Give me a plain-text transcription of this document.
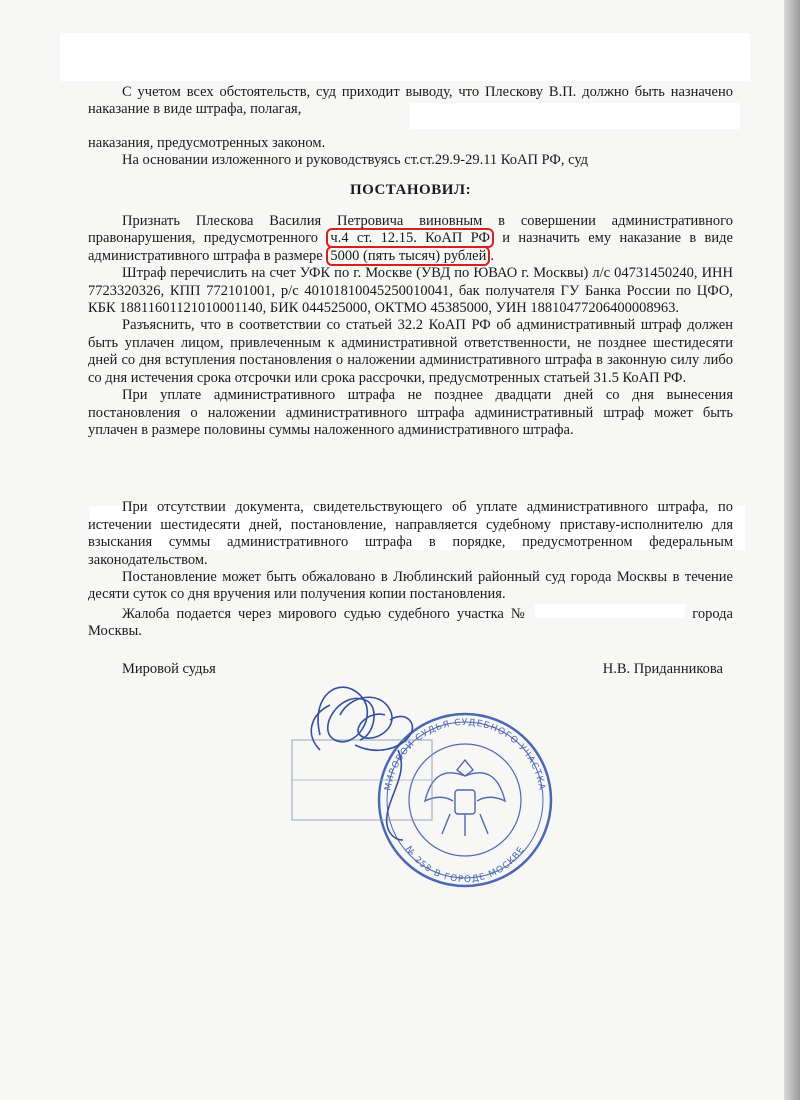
С учетом всех обстоятельств, суд приходит выводу, что Плескову В.П. должно быть назначено наказание в виде штрафа, полагая,

наказания, предусмотренных законом.

На основании изложенного и руководствуясь ст.ст.29.9-29.11 КоАП РФ, суд

ПОСТАНОВИЛ:

Признать Плескова Василия Петровича виновным в совершении административного правонарушения, предусмотренного ч.4 ст. 12.15. КоАП РФ и назначить ему наказание в виде административного штрафа в размере 5000 (пять тысяч) рублей .

Штраф перечислить на счет УФК по г. Москве (УВД по ЮВАО г. Москвы) л/с 04731450240, ИНН 7723320326, КПП 772101001, р/с 40101810045250010041, бак получателя ГУ Банка России по ЦФО, КБК 18811601121010001140, БИК 044525000, ОКТМО 45385000, УИН 18810477206400008963.

Разъяснить, что в соответствии со статьей 32.2 КоАП РФ об административный штраф должен быть уплачен лицом, привлеченным к административной ответственности, не позднее шестидесяти дней со дня вступления постановления о наложении административного штрафа в законную силу либо со дня истечения срока отсрочки или срока рассрочки, предусмотренных статьей 31.5 КоАП РФ.

При уплате административного штрафа не позднее двадцати дней со дня вынесения постановления о наложении административного штрафа административный штраф может быть уплачен в размере половины суммы наложенного административного штрафа.

При отсутствии документа, свидетельствующего об уплате административного штрафа, по истечении шестидесяти дней, постановление, направляется судебному приставу-исполнителю для взыскания суммы административного штрафа в порядке, предусмотренном федеральным законодательством.

Постановление может быть обжаловано в Люблинский районный суд города Москвы в течение десяти суток со дня вручения или получения копии постановления.

Жалоба подается через мирового судью судебного участка №	города Москвы.

Мировой судья	Н.В. Приданникова
МИРОВОЙ СУДЬЯ СУДЕБНОГО УЧАСТКА
№ 258 В ГОРОДЕ МОСКВЕ
